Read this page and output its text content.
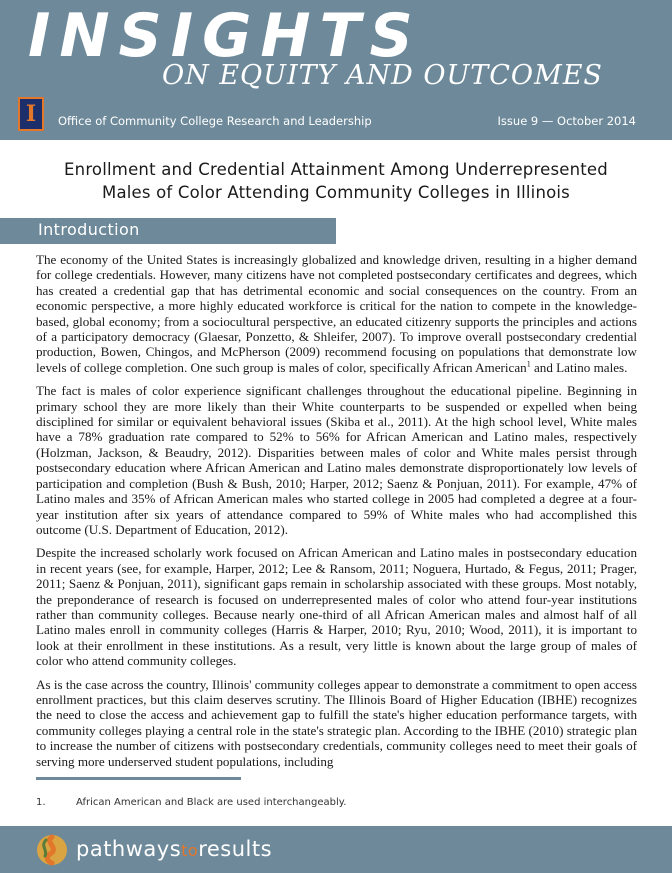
INSIGHTS
ON EQUITY AND OUTCOMES
I	Office of Community College Research and Leadership	Issue 9 — October 2014
Enrollment and Credential Attainment Among Underrepresented
Males of Color Attending Community Colleges in Illinois
Introduction

The economy of the United States is increasingly globalized and knowledge driven, resulting in a higher demand for college credentials. However, many citizens have not completed postsecondary certificates and degrees, which has created a credential gap that has detrimental economic and social consequences on the country. From an economic perspective, a more highly educated workforce is critical for the nation to compete in the knowledge-based, global economy; from a sociocultural perspective, an educated citizenry supports the principles and actions of a participatory democracy (Glaesar, Ponzetto, & Shleifer, 2007). To improve overall postsecondary credential production, Bowen, Chingos, and McPherson (2009) recommend focusing on populations that demonstrate low levels of college completion. One such group is males of color, specifically African American$^1$ and Latino males.

The fact is males of color experience significant challenges throughout the educational pipeline. Beginning in primary school they are more likely than their White counterparts to be suspended or expelled when being disciplined for similar or equivalent behavioral issues (Skiba et al., 2011). At the high school level, White males have a 78% graduation rate compared to 52% to 56% for African American and Latino males, respectively (Holzman, Jackson, & Beaudry, 2012). Disparities between males of color and White males persist through postsecondary education where African American and Latino males demonstrate disproportionately low levels of participation and completion (Bush & Bush, 2010; Harper, 2012; Saenz & Ponjuan, 2011). For example, 47% of Latino males and 35% of African American males who started college in 2005 had completed a degree at a four-year institution after six years of attendance compared to 59% of White males who had accomplished this outcome (U.S. Department of Education, 2012).

Despite the increased scholarly work focused on African American and Latino males in postsecondary education in recent years (see, for example, Harper, 2012; Lee & Ransom, 2011; Noguera, Hurtado, & Fegus, 2011; Prager, 2011; Saenz & Ponjuan, 2011), significant gaps remain in scholarship associated with these groups. Most notably, the preponderance of research is focused on underrepresented males of color who attend four-year institutions rather than community colleges. Because nearly one-third of all African American males and almost half of all Latino males enroll in community colleges (Harris & Harper, 2010; Ryu, 2010; Wood, 2011), it is important to look at their enrollment in these institutions. As a result, very little is known about the large group of males of color who attend community colleges.

As is the case across the country, Illinois' community colleges appear to demonstrate a commitment to open access enrollment practices, but this claim deserves scrutiny. The Illinois Board of Higher Education (IBHE) recognizes the need to close the access and achievement gap to fulfill the state's higher education performance targets, with community colleges playing a central role in the state's strategic plan. According to the IBHE (2010) strategic plan to increase the number of citizens with postsecondary credentials, community colleges need to meet their goals of serving more underserved student populations, including

1.	African American and Black are used interchangeably.
pathwaystoresults
